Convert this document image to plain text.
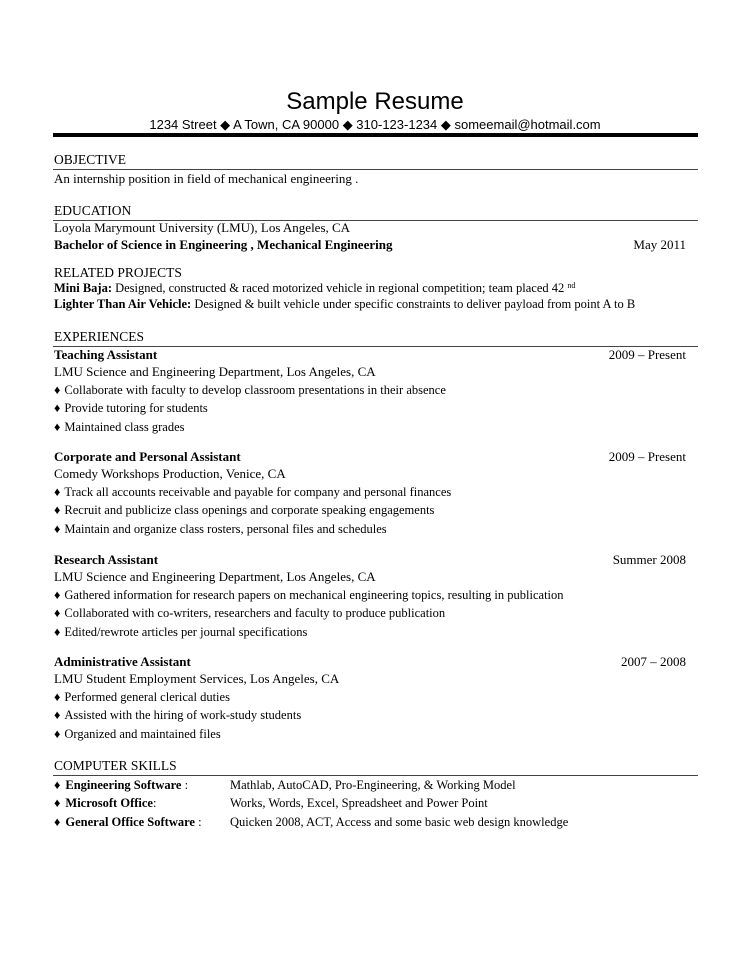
Sample Resume
1234 Street ◆ A Town, CA 90000 ◆ 310-123-1234 ◆ someemail@hotmail.com
OBJECTIVE
An internship position in field of mechanical engineering .
EDUCATION
Loyola Marymount University (LMU), Los Angeles, CA
Bachelor of Science in Engineering , Mechanical Engineering	May 2011
RELATED PROJECTS
EXPERIENCES
COMPUTER SKILLS
Mini Baja: Designed, constructed & raced motorized vehicle in regional competition; team placed 42 $^{nd}$
Lighter Than Air Vehicle: Designed & built vehicle under specific constraints to deliver payload from point A to B
Teaching Assistant	2009 – Present
LMU Science and Engineering Department, Los Angeles, CA
♦ Collaborate with faculty to develop classroom presentations in their absence
♦ Provide tutoring for students
♦ Maintained class grades
Corporate and Personal Assistant	2009 – Present
Comedy Workshops Production, Venice, CA
♦ Track all accounts receivable and payable for company and personal finances
♦ Recruit and publicize class openings and corporate speaking engagements
♦ Maintain and organize class rosters, personal files and schedules
Research Assistant	Summer 2008
LMU Science and Engineering Department, Los Angeles, CA
♦ Gathered information for research papers on mechanical engineering topics, resulting in publication
♦ Collaborated with co-writers, researchers and faculty to produce publication
♦ Edited/rewrote articles per journal specifications
Administrative Assistant	2007 – 2008
LMU Student Employment Services, Los Angeles, CA
♦ Performed general clerical duties
♦ Assisted with the hiring of work-study students
♦ Organized and maintained files
♦ Engineering Software :	Mathlab, AutoCAD, Pro-Engineering, & Working Model
♦ Microsoft Office:	Works, Words, Excel, Spreadsheet and Power Point
♦ General Office Software : Quicken 2008, ACT, Access and some basic web design knowledge
